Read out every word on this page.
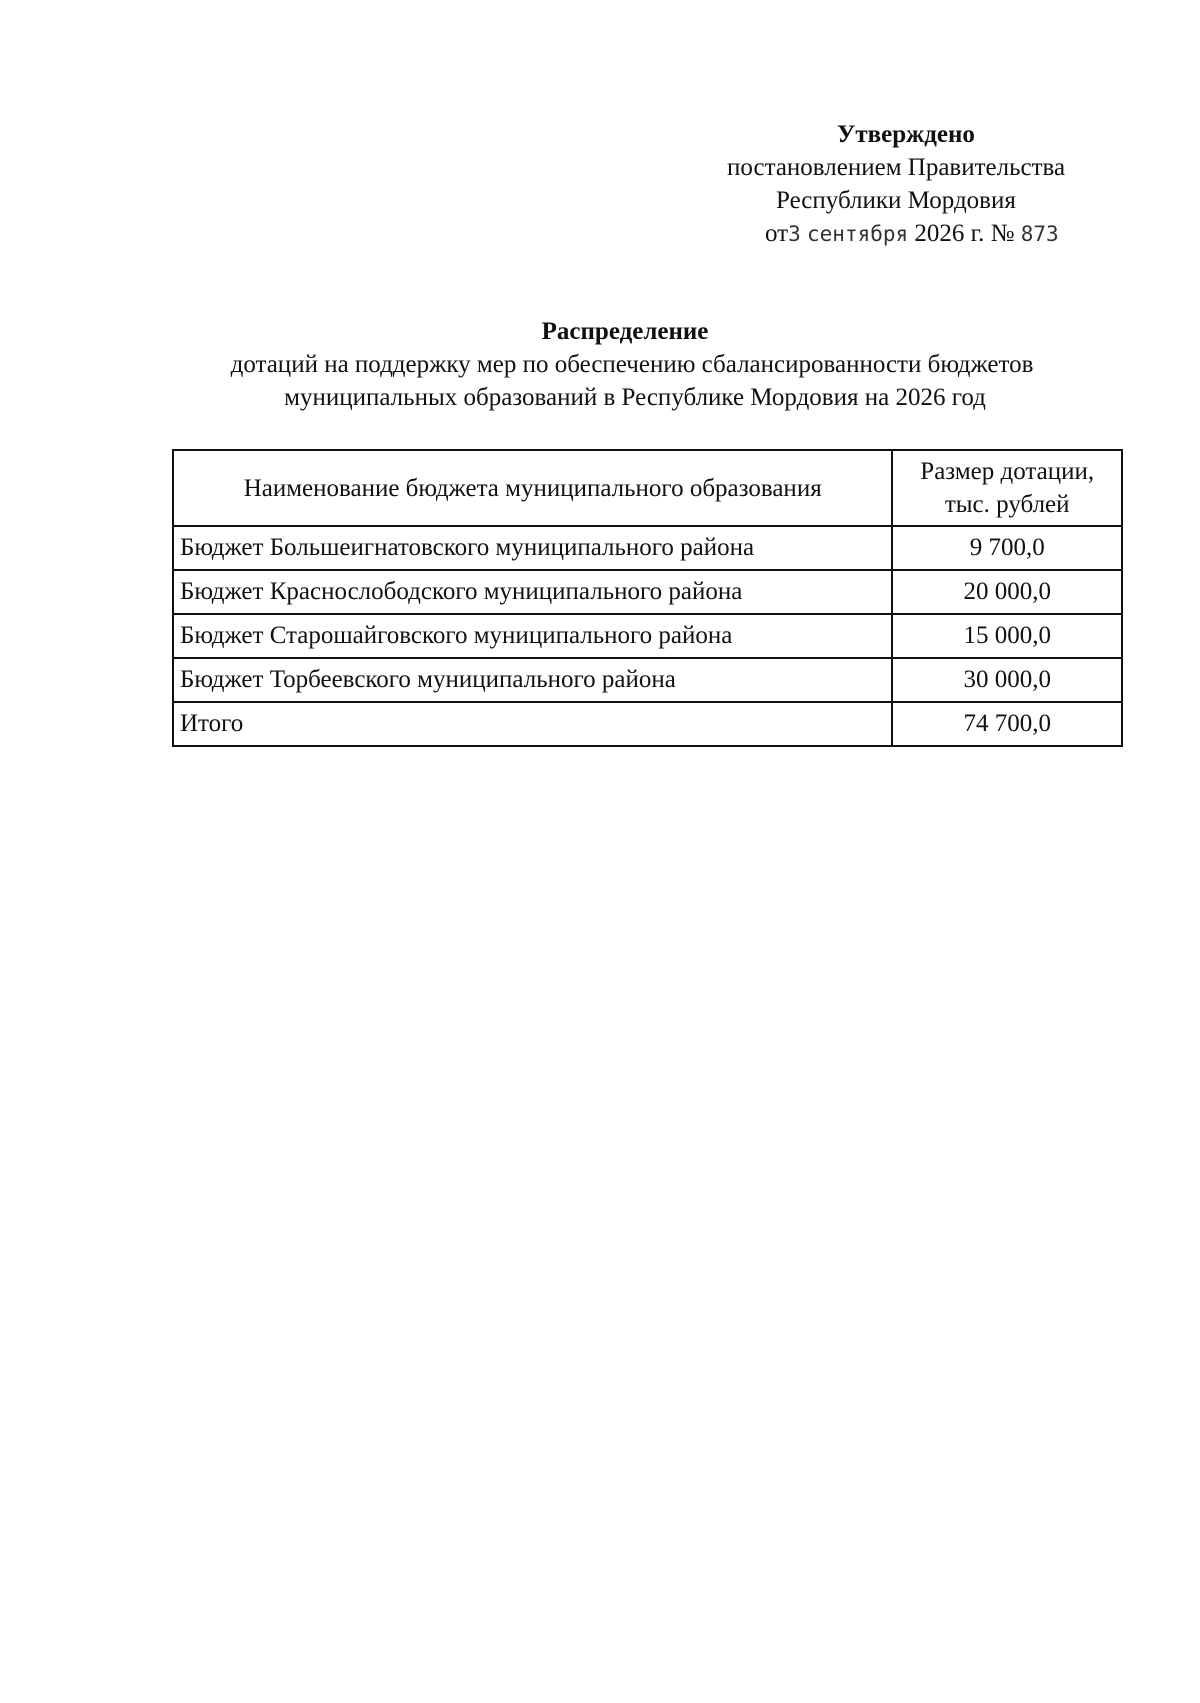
Утверждено
постановлением Правительства
Республики Мордовия
от3 сентября 2026 г. № 873
Распределение
дотаций на поддержку мер по обеспечению сбалансированности бюджетов
муниципальных образований в Республике Мордовия на 2026 год
Наименование бюджета муниципального образования	Размер дотации,
тыс. рублей

Бюджет Большеигнатовского муниципального района	9 700,0
Бюджет Краснослободского муниципального района	20 000,0
Бюджет Старошайговского муниципального района	15 000,0
Бюджет Торбеевского муниципального района	30 000,0
Итого	74 700,0
